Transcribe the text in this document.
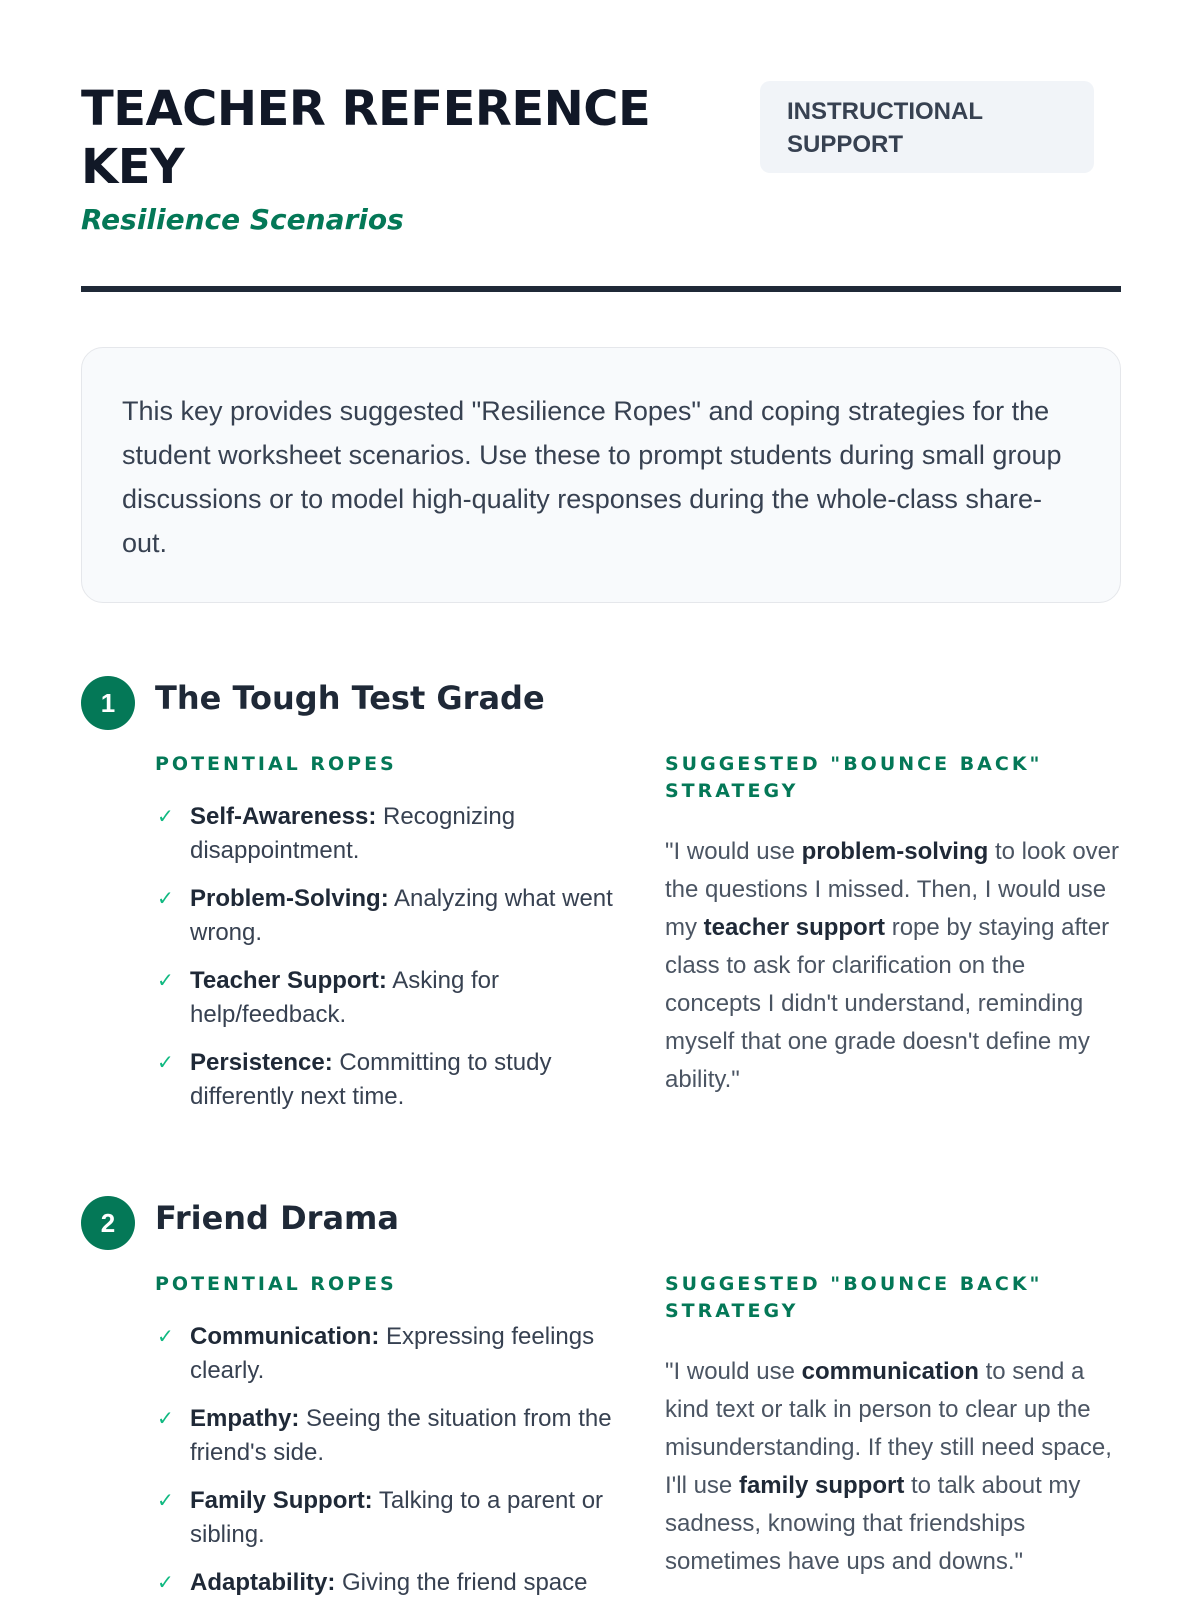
TEACHER REFERENCE KEY
Resilience Scenarios
INSTRUCTIONAL SUPPORT
This key provides suggested "Resilience Ropes" and coping strategies for the student worksheet scenarios. Use these to prompt students during small group discussions or to model high-quality responses during the whole-class share-out.
1	The Tough Test Grade
POTENTIAL ROPES
✓ Self-Awareness: Recognizing disappointment.
✓ Problem-Solving: Analyzing what went wrong.
✓ Teacher Support: Asking for help/feedback.
✓ Persistence: Committing to study differently next time.
SUGGESTED "BOUNCE BACK" STRATEGY
"I would use problem-solving to look over the questions I missed. Then, I would use my teacher support rope by staying after class to ask for clarification on the concepts I didn't understand, reminding myself that one grade doesn't define my ability."
2	Friend Drama
POTENTIAL ROPES
✓ Communication: Expressing feelings clearly.
✓ Empathy: Seeing the situation from the friend's side.
✓ Family Support: Talking to a parent or sibling.
✓ Adaptability: Giving the friend space
SUGGESTED "BOUNCE BACK" STRATEGY
"I would use communication to send a kind text or talk in person to clear up the misunderstanding. If they still need space, I'll use family support to talk about my sadness, knowing that friendships sometimes have ups and downs."
